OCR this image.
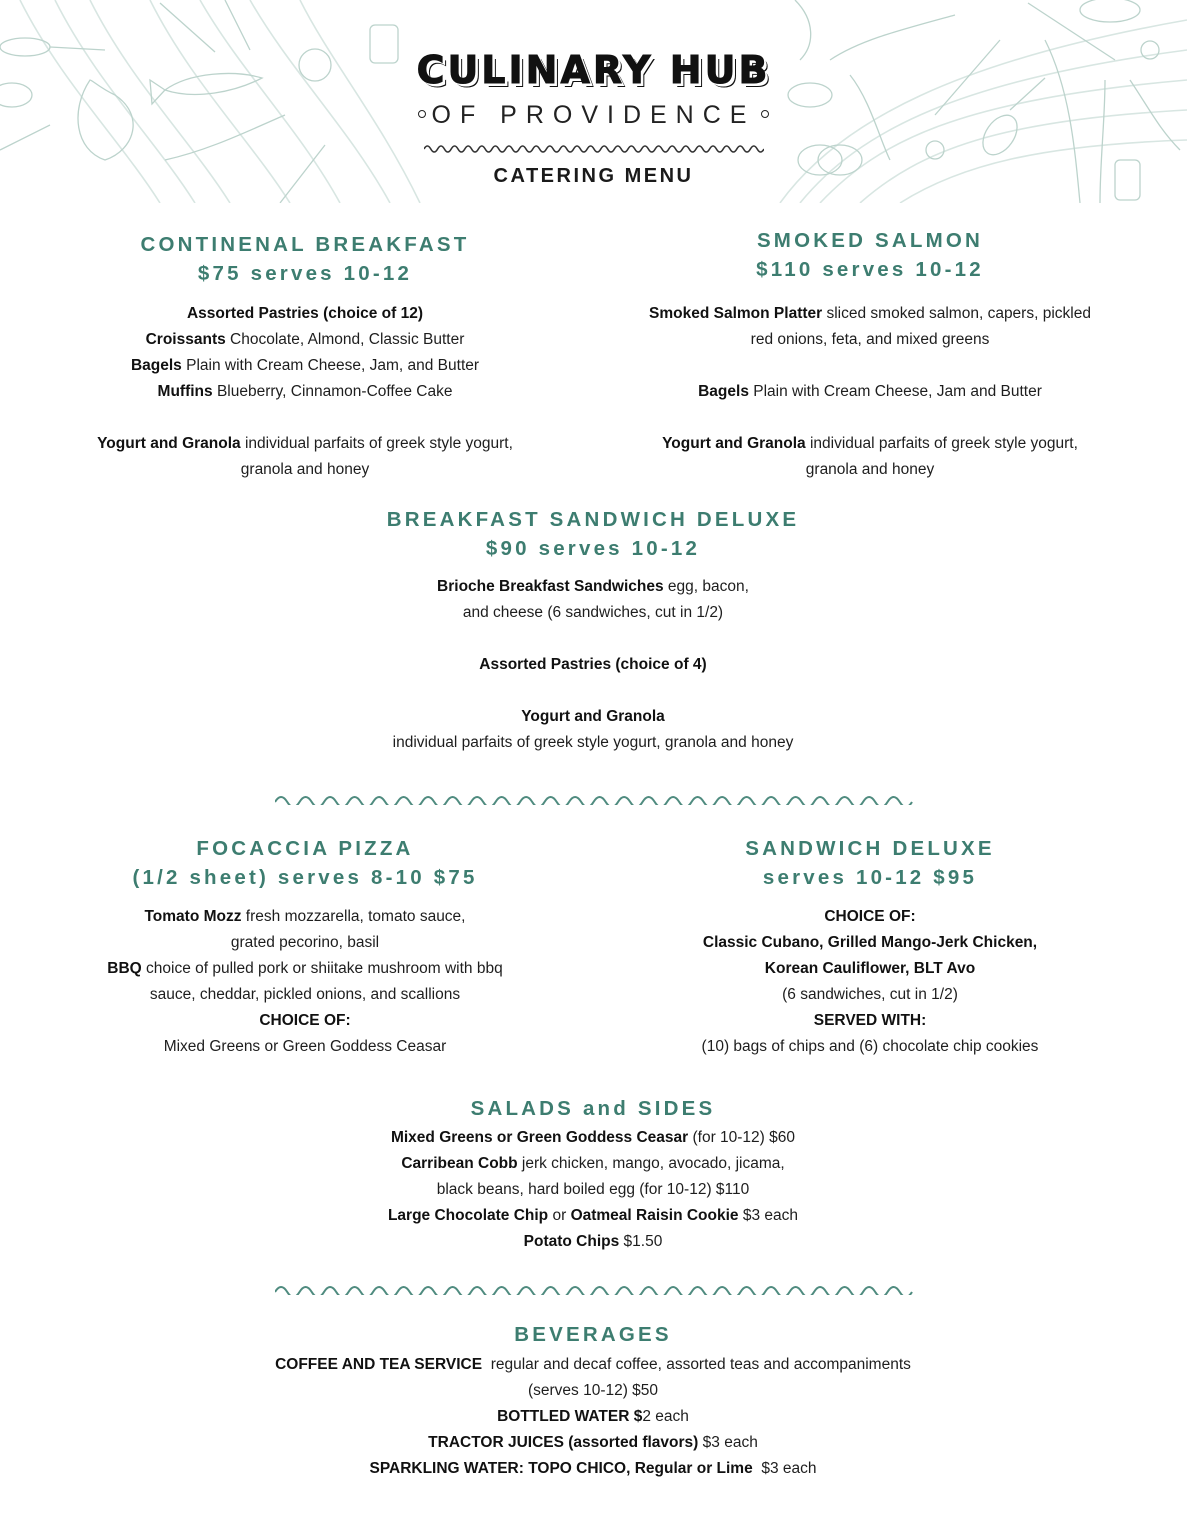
CULINARY HUB
OF PROVIDENCE
CATERING MENU
CONTINENAL BREAKFAST
$75 serves 10-12
Assorted Pastries (choice of 12)
Croissants Chocolate, Almond, Classic Butter
Bagels Plain with Cream Cheese, Jam, and Butter
Muffins Blueberry, Cinnamon-Coffee Cake
Yogurt and Granola individual parfaits of greek style yogurt,
granola and honey
SMOKED SALMON
$110 serves 10-12
Smoked Salmon Platter sliced smoked salmon, capers, pickled
red onions, feta, and mixed greens
Bagels Plain with Cream Cheese, Jam and Butter
Yogurt and Granola individual parfaits of greek style yogurt,
granola and honey
BREAKFAST SANDWICH DELUXE
$90 serves 10-12
Brioche Breakfast Sandwiches egg, bacon,
and cheese (6 sandwiches, cut in 1/2)
Assorted Pastries (choice of 4)
Yogurt and Granola
individual parfaits of greek style yogurt, granola and honey
FOCACCIA PIZZA
(1/2 sheet) serves 8-10 $75
Tomato Mozz fresh mozzarella, tomato sauce,
grated pecorino, basil
BBQ choice of pulled pork or shiitake mushroom with bbq
sauce, cheddar, pickled onions, and scallions
CHOICE OF:
Mixed Greens or Green Goddess Ceasar
SANDWICH DELUXE
serves 10-12 $95
CHOICE OF:
Classic Cubano, Grilled Mango-Jerk Chicken,
Korean Cauliflower, BLT Avo
(6 sandwiches, cut in 1/2)
SERVED WITH:
(10) bags of chips and (6) chocolate chip cookies
SALADS and SIDES
Mixed Greens or Green Goddess Ceasar (for 10-12) $60
Carribean Cobb jerk chicken, mango, avocado, jicama,
black beans, hard boiled egg (for 10-12) $110
Large Chocolate Chip or Oatmeal Raisin Cookie $3 each
Potato Chips $1.50
BEVERAGES
COFFEE AND TEA SERVICE  regular and decaf coffee, assorted teas and accompaniments
(serves 10-12) $50
BOTTLED WATER $2 each
TRACTOR JUICES (assorted flavors) $3 each
SPARKLING WATER: TOPO CHICO, Regular or Lime  $3 each
